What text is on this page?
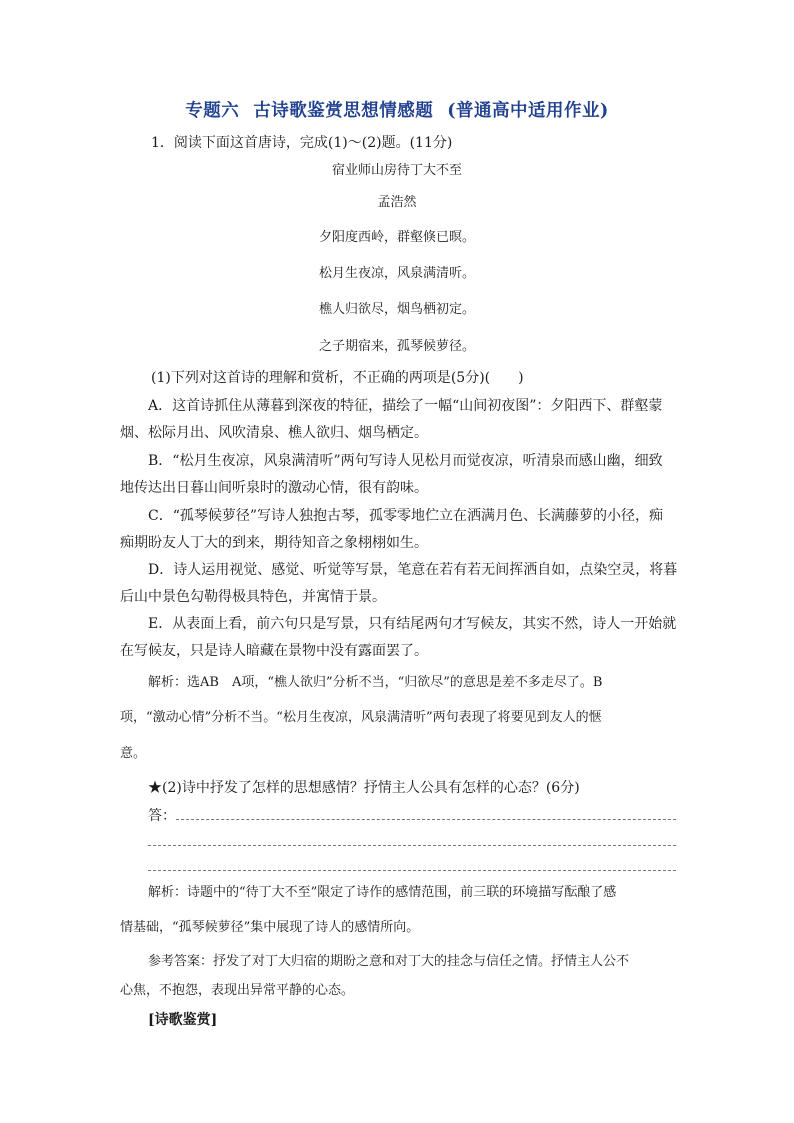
专题六 古诗歌鉴赏思想情感题 (普通高中适用作业)
1．阅读下面这首唐诗，完成(1)～(2)题。(11分)
宿业师山房待丁大不至
孟浩然
夕阳度西岭，群壑倏已暝。
松月生夜凉，风泉满清听。
樵人归欲尽，烟鸟栖初定。
之子期宿来，孤琴候萝径。
(1)下列对这首诗的理解和赏析，不正确的两项是(5分)(　　)
A．这首诗抓住从薄暮到深夜的特征，描绘了一幅“山间初夜图”：夕阳西下、群壑蒙
烟、松际月出、风吹清泉、樵人欲归、烟鸟栖定。
B．“松月生夜凉，风泉满清听”两句写诗人见松月而觉夜凉，听清泉而感山幽，细致
地传达出日暮山间听泉时的激动心情，很有韵味。
C．“孤琴候萝径”写诗人独抱古琴，孤零零地伫立在洒满月色、长满藤萝的小径，痴
痴期盼友人丁大的到来，期待知音之象栩栩如生。
D．诗人运用视觉、感觉、听觉等写景，笔意在若有若无间挥洒自如，点染空灵，将暮
后山中景色勾勒得极具特色，并寓情于景。
E．从表面上看，前六句只是写景，只有结尾两句才写候友，其实不然，诗人一开始就
在写候友，只是诗人暗藏在景物中没有露面罢了。
解析：选AB　A项，“樵人欲归”分析不当，“归欲尽”的意思是差不多走尽了。B
项，“激动心情”分析不当。“松月生夜凉，风泉满清听”两句表现了将要见到友人的惬
意。
★(2)诗中抒发了怎样的思想感情？抒情主人公具有怎样的心态？(6分)
答：
解析：诗题中的“待丁大不至”限定了诗作的感情范围，前三联的环境描写酝酿了感
情基础，“孤琴候萝径”集中展现了诗人的感情所向。
参考答案：抒发了对丁大归宿的期盼之意和对丁大的挂念与信任之情。抒情主人公不
心焦，不抱怨，表现出异常平静的心态。
[诗歌鉴赏]
